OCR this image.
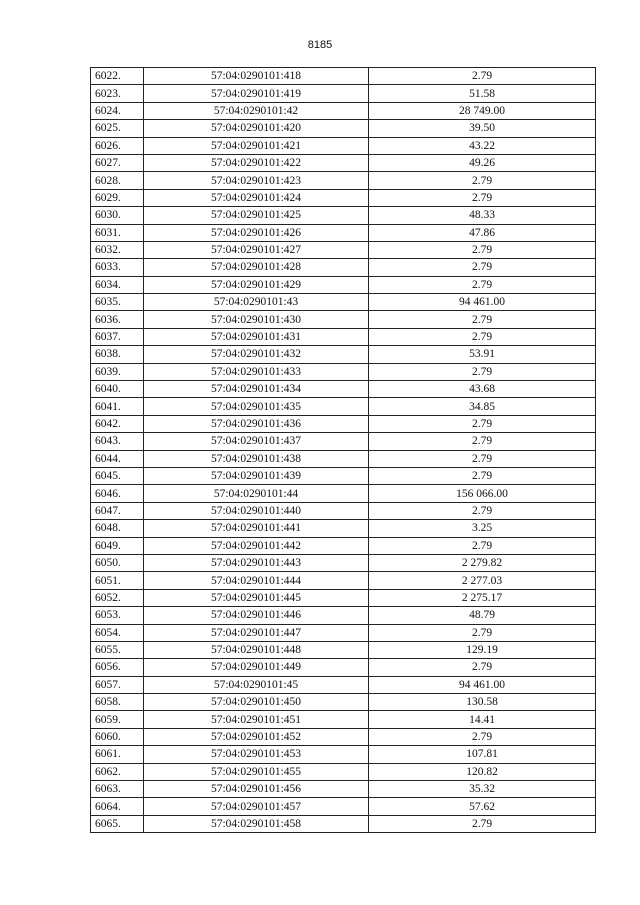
8185
6022.	57:04:0290101:418	2.79
6023.	57:04:0290101:419	51.58
6024.	57:04:0290101:42	28 749.00
6025.	57:04:0290101:420	39.50
6026.	57:04:0290101:421	43.22
6027.	57:04:0290101:422	49.26
6028.	57:04:0290101:423	2.79
6029.	57:04:0290101:424	2.79
6030.	57:04:0290101:425	48.33
6031.	57:04:0290101:426	47.86
6032.	57:04:0290101:427	2.79
6033.	57:04:0290101:428	2.79
6034.	57:04:0290101:429	2.79
6035.	57:04:0290101:43	94 461.00
6036.	57:04:0290101:430	2.79
6037.	57:04:0290101:431	2.79
6038.	57:04:0290101:432	53.91
6039.	57:04:0290101:433	2.79
6040.	57:04:0290101:434	43.68
6041.	57:04:0290101:435	34.85
6042.	57:04:0290101:436	2.79
6043.	57:04:0290101:437	2.79
6044.	57:04:0290101:438	2.79
6045.	57:04:0290101:439	2.79
6046.	57:04:0290101:44	156 066.00
6047.	57:04:0290101:440	2.79
6048.	57:04:0290101:441	3.25
6049.	57:04:0290101:442	2.79
6050.	57:04:0290101:443	2 279.82
6051.	57:04:0290101:444	2 277.03
6052.	57:04:0290101:445	2 275.17
6053.	57:04:0290101:446	48.79
6054.	57:04:0290101:447	2.79
6055.	57:04:0290101:448	129.19
6056.	57:04:0290101:449	2.79
6057.	57:04:0290101:45	94 461.00
6058.	57:04:0290101:450	130.58
6059.	57:04:0290101:451	14.41
6060.	57:04:0290101:452	2.79
6061.	57:04:0290101:453	107.81
6062.	57:04:0290101:455	120.82
6063.	57:04:0290101:456	35.32
6064.	57:04:0290101:457	57.62
6065.	57:04:0290101:458	2.79
